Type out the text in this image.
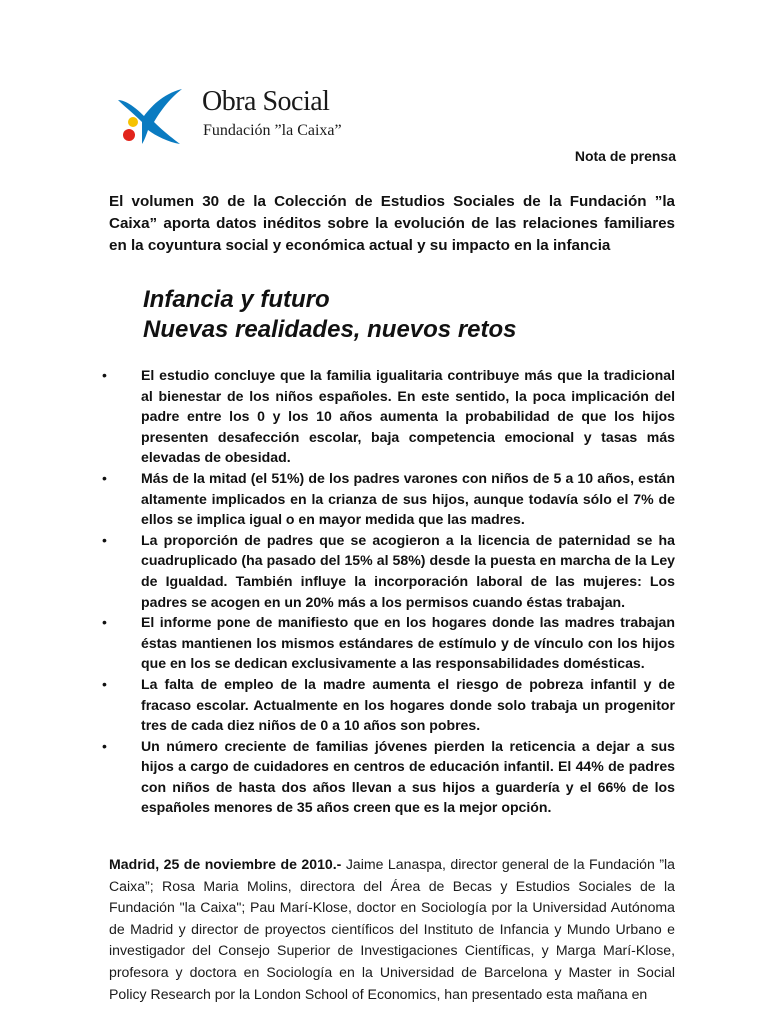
Obra Social
Fundación ”la Caixa”
Nota de prensa

El volumen 30 de la Colección de Estudios Sociales de la Fundación ”la Caixa” aporta datos inéditos sobre la evolución de las relaciones familiares en la coyuntura social y económica actual y su impacto en la infancia

Infancia y futuro
Nuevas realidades, nuevos retos
• El estudio concluye que la familia igualitaria contribuye más que la tradicional al bienestar de los niños españoles. En este sentido, la poca implicación del padre entre los 0 y los 10 años aumenta la probabilidad de que los hijos presenten desafección escolar, baja competencia emocional y tasas más elevadas de obesidad.
• Más de la mitad (el 51%) de los padres varones con niños de 5 a 10 años, están altamente implicados en la crianza de sus hijos, aunque todavía sólo el 7% de ellos se implica igual o en mayor medida que las madres.
• La proporción de padres que se acogieron a la licencia de paternidad se ha cuadruplicado (ha pasado del 15% al 58%) desde la puesta en marcha de la Ley de Igualdad. También influye la incorporación laboral de las mujeres: Los padres se acogen en un 20% más a los permisos cuando éstas trabajan.
• El informe pone de manifiesto que en los hogares donde las madres trabajan éstas mantienen los mismos estándares de estímulo y de vínculo con los hijos que en los se dedican exclusivamente a las responsabilidades domésticas.
• La falta de empleo de la madre aumenta el riesgo de pobreza infantil y de fracaso escolar. Actualmente en los hogares donde solo trabaja un progenitor tres de cada diez niños de 0 a 10 años son pobres.
• Un número creciente de familias jóvenes pierden la reticencia a dejar a sus hijos a cargo de cuidadores en centros de educación infantil. El 44% de padres con niños de hasta dos años llevan a sus hijos a guardería y el 66% de los españoles menores de 35 años creen que es la mejor opción.

Madrid, 25 de noviembre de 2010.- Jaime Lanaspa, director general de la Fundación ”la Caixa”; Rosa Maria Molins, directora del Área de Becas y Estudios Sociales de la Fundación "la Caixa"; Pau Marí-Klose, doctor en Sociología por la Universidad Autónoma de Madrid y director de proyectos científicos del Instituto de Infancia y Mundo Urbano e investigador del Consejo Superior de Investigaciones Científicas, y Marga Marí-Klose, profesora y doctora en Sociología en la Universidad de Barcelona y Master in Social Policy Research por la London School of Economics, han presentado esta mañana en
